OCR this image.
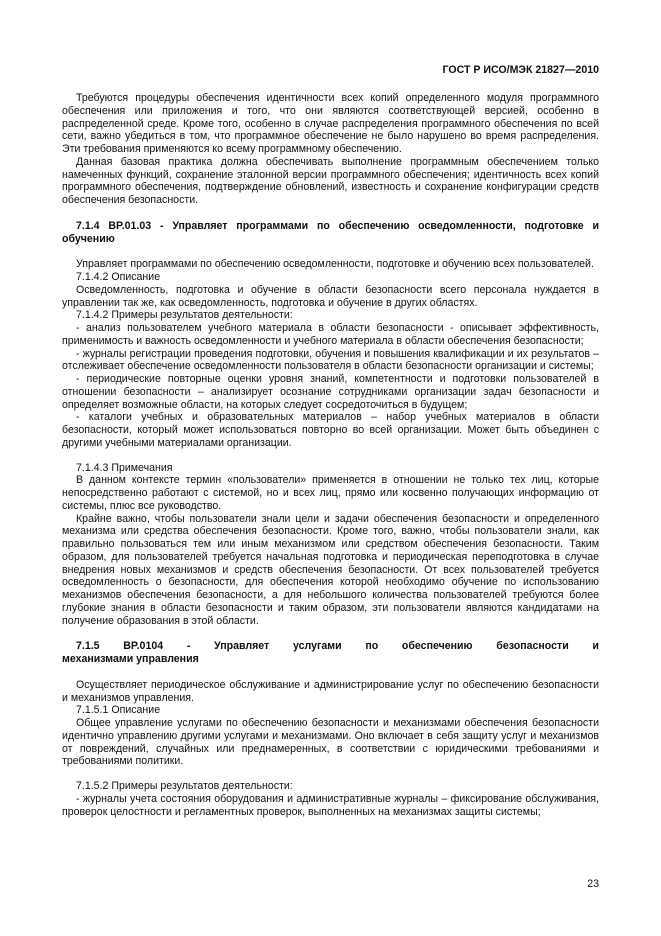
ГОСТ Р ИСО/МЭК 21827—2010

Требуются процедуры обеспечения идентичности всех копий определенного модуля программного обеспечения или приложения и того, что они являются соответствующей версией, особенно в распределенной среде. Кроме того, особенно в случае распределения программного обеспечения по всей сети, важно убедиться в том, что программное обеспечение не было нарушено во время распределения. Эти требования применяются ко всему программному обеспечению.

Данная базовая практика должна обеспечивать выполнение программным обеспечением только намеченных функций, сохранение эталонной версии программного обеспечения; идентичность всех копий программного обеспечения, подтверждение обновлений, известность и сохранение конфигурации средств обеспечения безопасности.

7.1.4 BP.01.03 - Управляет программами по обеспечению осведомленности, подготовке и обучению

Управляет программами по обеспечению осведомленности, подготовке и обучению всех пользователей.

7.1.4.2 Описание

Осведомленность, подготовка и обучение в области безопасности всего персонала нуждается в управлении так же, как осведомленность, подготовка и обучение в других областях.

7.1.4.2 Примеры результатов деятельности:

- анализ пользователем учебного материала в области безопасности - описывает эффективность, применимость и важность осведомленности и учебного материала в области обеспечения безопасности;

- журналы регистрации проведения подготовки, обучения и повышения квалификации и их результатов – отслеживает обеспечение осведомленности пользователя в области безопасности организации и системы;

- периодические повторные оценки уровня знаний, компетентности и подготовки пользователей в отношении безопасности – анализирует осознание сотрудниками организации задач безопасности и определяет возможные области, на которых следует сосредоточиться в будущем;

- каталоги учебных и образовательных материалов – набор учебных материалов в области безопасности, который может использоваться повторно во всей организации. Может быть объединен с другими учебными материалами организации.

7.1.4.3 Примечания

В данном контексте термин «пользователи» применяется в отношении не только тех лиц, которые непосредственно работают с системой, но и всех лиц, прямо или косвенно получающих информацию от системы, плюс все руководство.

Крайне важно, чтобы пользователи знали цели и задачи обеспечения безопасности и определенного механизма или средства обеспечения безопасности. Кроме того, важно, чтобы пользователи знали, как правильно пользоваться тем или иным механизмом или средством обеспечения безопасности. Таким образом, для пользователей требуется начальная подготовка и периодическая переподготовка в случае внедрения новых механизмов и средств обеспечения безопасности. От всех пользователей требуется осведомленность о безопасности, для обеспечения которой необходимо обучение по использованию механизмов обеспечения безопасности, а для небольшого количества пользователей требуются более глубокие знания в области безопасности и таким образом, эти пользователи являются кандидатами на получение образования в этой области.

7.1.5 BP.0104 - Управляет услугами по обеспечению безопасности и
механизмами управления

Осуществляет периодическое обслуживание и администрирование услуг по обеспечению безопасности и механизмов управления.

7.1.5.1 Описание

Общее управление услугами по обеспечению безопасности и механизмами обеспечения безопасности идентично управлению другими услугами и механизмами. Оно включает в себя защиту услуг и механизмов от повреждений, случайных или преднамеренных, в соответствии с юридическими требованиями и требованиями политики.

7.1.5.2 Примеры результатов деятельности:

- журналы учета состояния оборудования и административные журналы – фиксирование обслуживания, проверок целостности и регламентных проверок, выполненных на механизмах защиты системы;

23
